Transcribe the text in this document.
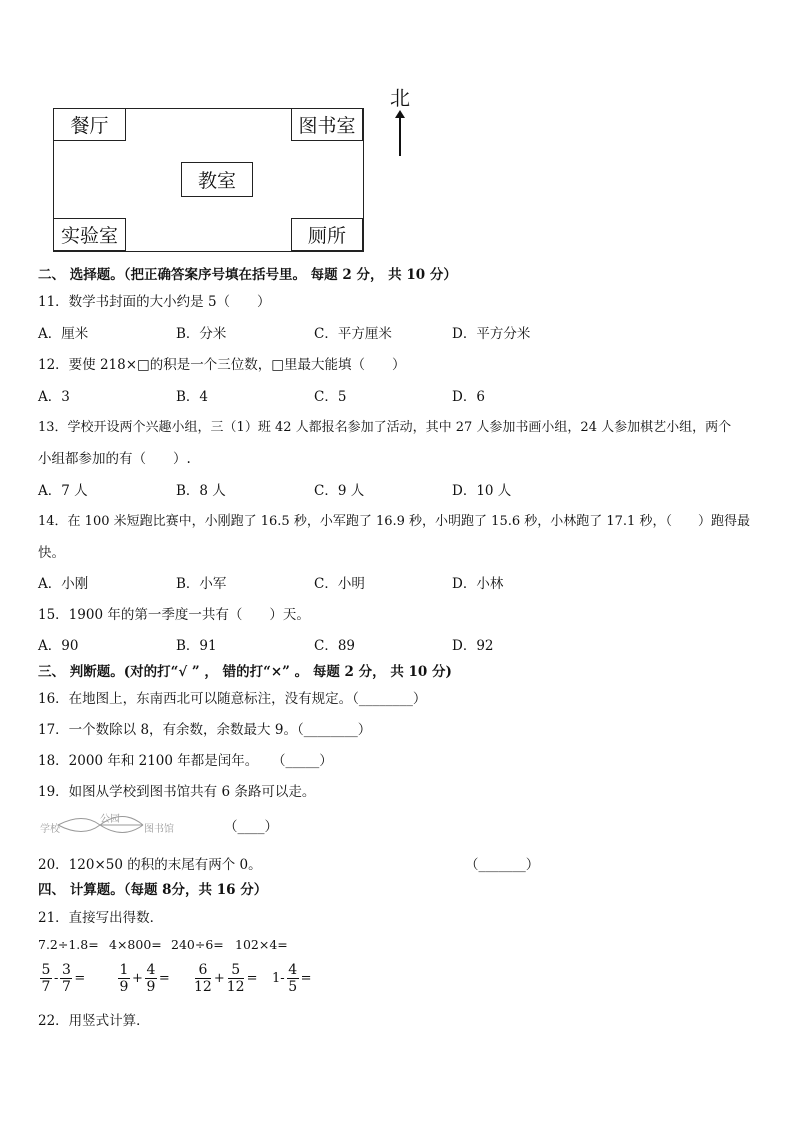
餐厅	图书室
教室
实验室	厕所
北
二、 选择题。（把正确答案序号填在括号里。 每题 2 分， 共 10 分）
11．数学书封面的大小约是 5（　　）
A．厘米	B．分米	C．平方厘米	D．平方分米
12．要使 218×□的积是一个三位数，□里最大能填（　　）
A．3	B．4	C．5	D．6
13．学校开设两个兴趣小组，三（1）班 42 人都报名参加了活动，其中 27 人参加书画小组，24 人参加棋艺小组，两个
小组都参加的有（　　）.
A．7 人	B．8 人	C．9 人	D．10 人
14．在 100 米短跑比赛中，小刚跑了 16.5 秒，小军跑了 16.9 秒，小明跑了 15.6 秒，小林跑了 17.1 秒，（　　）跑得最
快。
A．小刚	B．小军	C．小明	D．小林
15．1900 年的第一季度一共有（　　）天。
A．90	B．91	C．89	D．92
三、 判断题。(对的打“√ ” ， 错的打“×” 。 每题 2 分， 共 10 分)
16．在地图上，东南西北可以随意标注，没有规定。（________）
17．一个数除以 8，有余数，余数最大 9。（________）
18．2000 年和 2100 年都是闰年。 （_____）
19．如图从学校到图书馆共有 6 条路可以走。
学校
公园
图书馆	（____）
20．120×50 的积的末尾有两个 0。	（_______）
四、 计算题。（每题 8分，共 16 分）
21．直接写出得数．
7.2÷1.8= 4×800= 240÷6= 102×4=
5
7
-
3
7
=
1
9
+
4
9
=
6
12
+
5
12
= 1-
4
5
=
22．用竖式计算．
